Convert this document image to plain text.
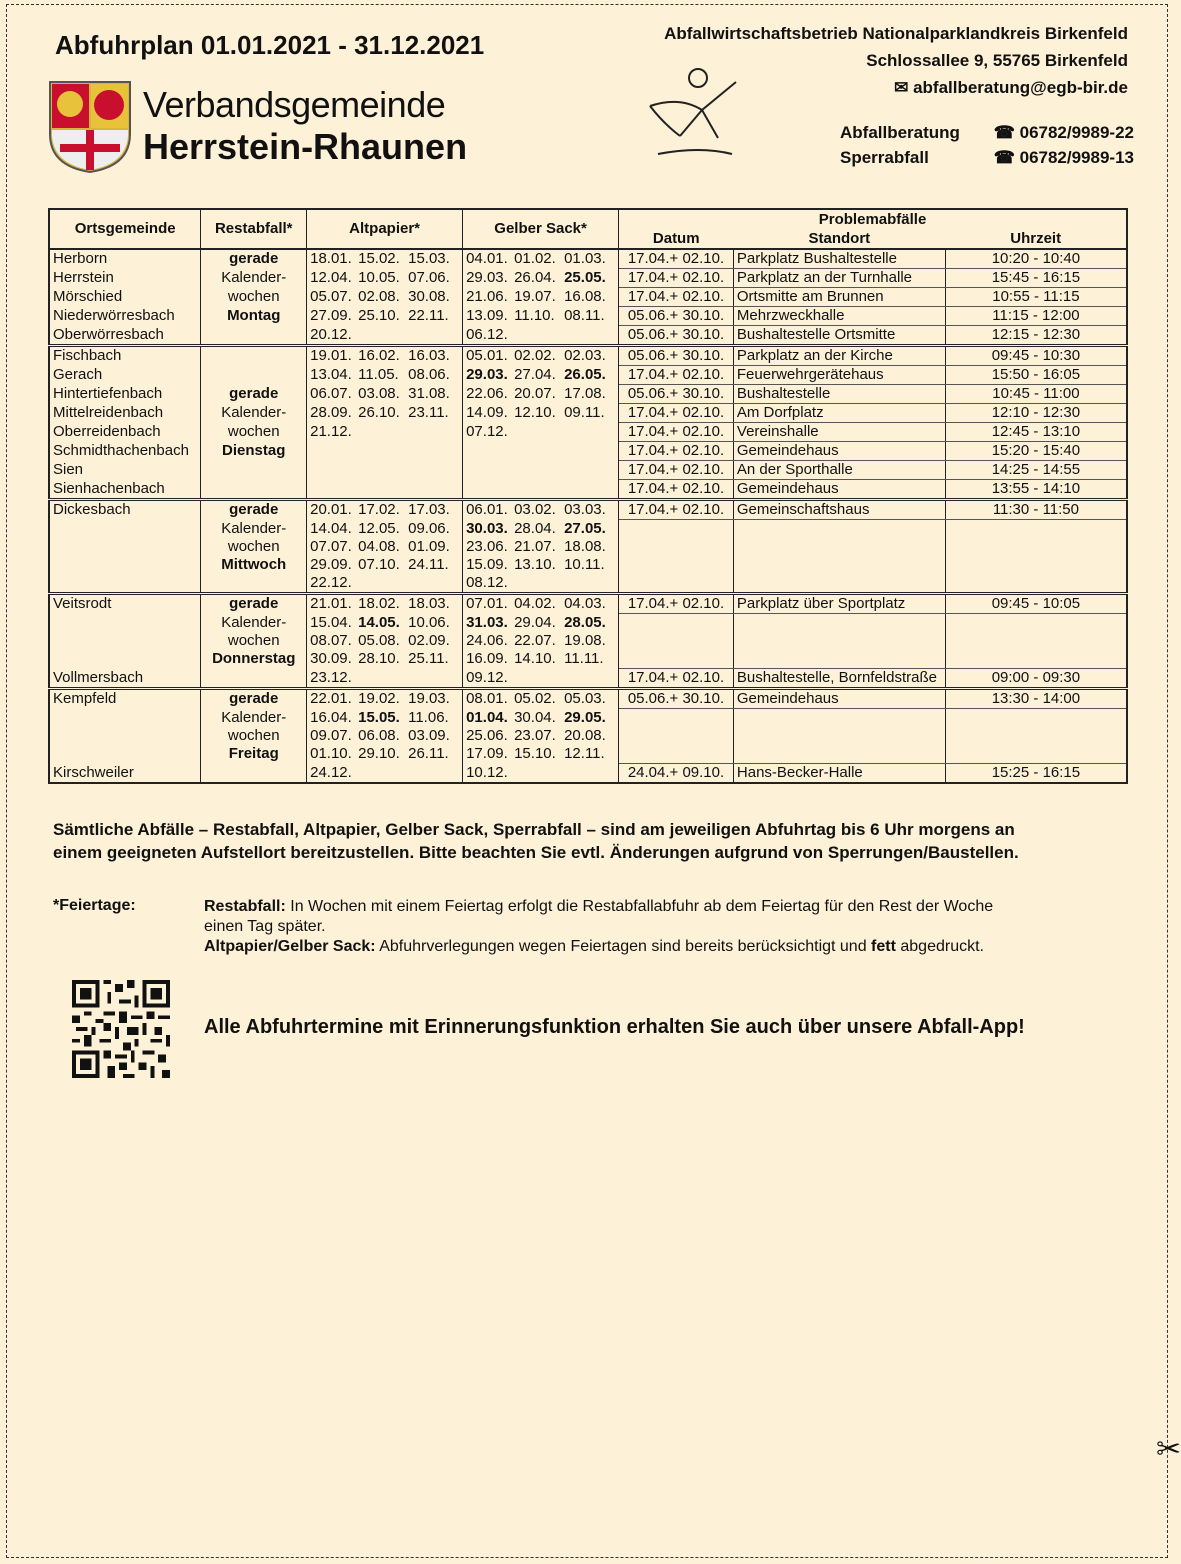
Abfuhrplan 01.01.2021 - 31.12.2021
Verbandsgemeinde
Herrstein-Rhaunen
Abfallwirtschaftsbetrieb Nationalparklandkreis Birkenfeld
Schlossallee 9, 55765 Birkenfeld
✉ abfallberatung@egb-bir.de
Abfallberatung	☎ 06782/9989-22
Sperrabfall	☎ 06782/9989-13
Ortsgemeinde	Restabfall*	Altpapier*	Gelber Sack*	Problemabfälle		
				Datum	Standort	Uhrzeit
Herborn	gerade	18.01. 15.02. 15.03.	04.01. 01.02. 01.03.	17.04.+ 02.10.	Parkplatz Bushaltestelle	10:20 - 10:40
Herrstein	Kalender-	12.04. 10.05. 07.06.	29.03. 26.04. 25.05.	17.04.+ 02.10.	Parkplatz an der Turnhalle	15:45 - 16:15
Mörschied	wochen	05.07. 02.08. 30.08.	21.06. 19.07. 16.08.	17.04.+ 02.10.	Ortsmitte am Brunnen	10:55 - 11:15
Niederwörresbach	Montag	27.09. 25.10. 22.11.	13.09. 11.10. 08.11.	05.06.+ 30.10.	Mehrzweckhalle	11:15 - 12:00
Oberwörresbach		20.12.	06.12.	05.06.+ 30.10.	Bushaltestelle Ortsmitte	12:15 - 12:30
Fischbach		19.01. 16.02. 16.03.	05.01. 02.02. 02.03.	05.06.+ 30.10.	Parkplatz an der Kirche	09:45 - 10:30
Gerach		13.04. 11.05. 08.06.	29.03. 27.04. 26.05.	17.04.+ 02.10.	Feuerwehrgerätehaus	15:50 - 16:05
Hintertiefenbach	gerade	06.07. 03.08. 31.08.	22.06. 20.07. 17.08.	05.06.+ 30.10.	Bushaltestelle	10:45 - 11:00
Mittelreidenbach	Kalender-	28.09. 26.10. 23.11.	14.09. 12.10. 09.11.	17.04.+ 02.10.	Am Dorfplatz	12:10 - 12:30
Oberreidenbach	wochen	21.12.	07.12.	17.04.+ 02.10.	Vereinshalle	12:45 - 13:10
Schmidthachenbach	Dienstag			17.04.+ 02.10.	Gemeindehaus	15:20 - 15:40
Sien				17.04.+ 02.10.	An der Sporthalle	14:25 - 14:55
Sienhachenbach				17.04.+ 02.10.	Gemeindehaus	13:55 - 14:10
Dickesbach	gerade	20.01. 17.02. 17.03.	06.01. 03.02. 03.03.	17.04.+ 02.10.	Gemeinschaftshaus	11:30 - 11:50
	Kalender-	14.04. 12.05. 09.06.	30.03. 28.04. 27.05.			
	wochen	07.07. 04.08. 01.09.	23.06. 21.07. 18.08.			
	Mittwoch	29.09. 07.10. 24.11.	15.09. 13.10. 10.11.			
		22.12.	08.12.			
Veitsrodt	gerade	21.01. 18.02. 18.03.	07.01. 04.02. 04.03.	17.04.+ 02.10.	Parkplatz über Sportplatz	09:45 - 10:05
	Kalender-	15.04. 14.05. 10.06.	31.03. 29.04. 28.05.			
	wochen	08.07. 05.08. 02.09.	24.06. 22.07. 19.08.			
	Donnerstag	30.09. 28.10. 25.11.	16.09. 14.10. 11.11.			
Vollmersbach		23.12.	09.12.	17.04.+ 02.10.	Bushaltestelle, Bornfeldstraße	09:00 - 09:30
Kempfeld	gerade	22.01. 19.02. 19.03.	08.01. 05.02. 05.03.	05.06.+ 30.10.	Gemeindehaus	13:30 - 14:00
	Kalender-	16.04. 15.05. 11.06.	01.04. 30.04. 29.05.			
	wochen	09.07. 06.08. 03.09.	25.06. 23.07. 20.08.			
	Freitag	01.10. 29.10. 26.11.	17.09. 15.10. 12.11.			
Kirschweiler		24.12.	10.12.	24.04.+ 09.10.	Hans-Becker-Halle	15:25 - 16:15
Sämtliche Abfälle – Restabfall, Altpapier, Gelber Sack, Sperrabfall – sind am jeweiligen Abfuhrtag bis 6 Uhr morgens an
einem geeigneten Aufstellort bereitzustellen. Bitte beachten Sie evtl. Änderungen aufgrund von Sperrungen/Baustellen.
*Feiertage:	Restabfall: In Wochen mit einem Feiertag erfolgt die Restabfallabfuhr ab dem Feiertag für den Rest der Woche einen Tag später.
Altpapier/Gelber Sack: Abfuhrverlegungen wegen Feiertagen sind bereits berücksichtigt und fett abgedruckt.
Alle Abfuhrtermine mit Erinnerungsfunktion erhalten Sie auch über unsere Abfall-App!
✂
